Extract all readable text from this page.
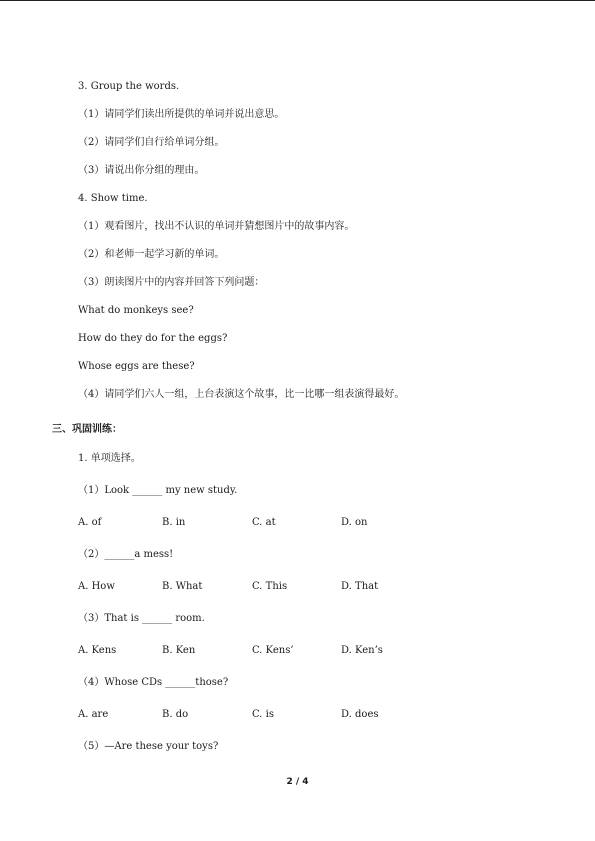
3. Group the words.
（1）请同学们读出所提供的单词并说出意思。
（2）请同学们自行给单词分组。
（3）请说出你分组的理由。
4. Show time.
（1）观看图片，找出不认识的单词并猜想图片中的故事内容。
（2）和老师一起学习新的单词。
（3）朗读图片中的内容并回答下列问题：
What do monkeys see?
How do they do for the eggs?
Whose eggs are these?
（4）请同学们六人一组，上台表演这个故事，比一比哪一组表演得最好。
三、巩固训练：
1. 单项选择。
（1）Look ______ my new study.
A. of	B. in	C. at	D. on
（2）______a mess!
A. How	B. What	C. This	D. That
（3）That is ______ room.
A. Kens	B. Ken	C. Kens’	D. Ken’s
（4）Whose CDs ______those?
A. are	B. do	C. is	D. does
（5）—Are these your toys?
2 / 4
